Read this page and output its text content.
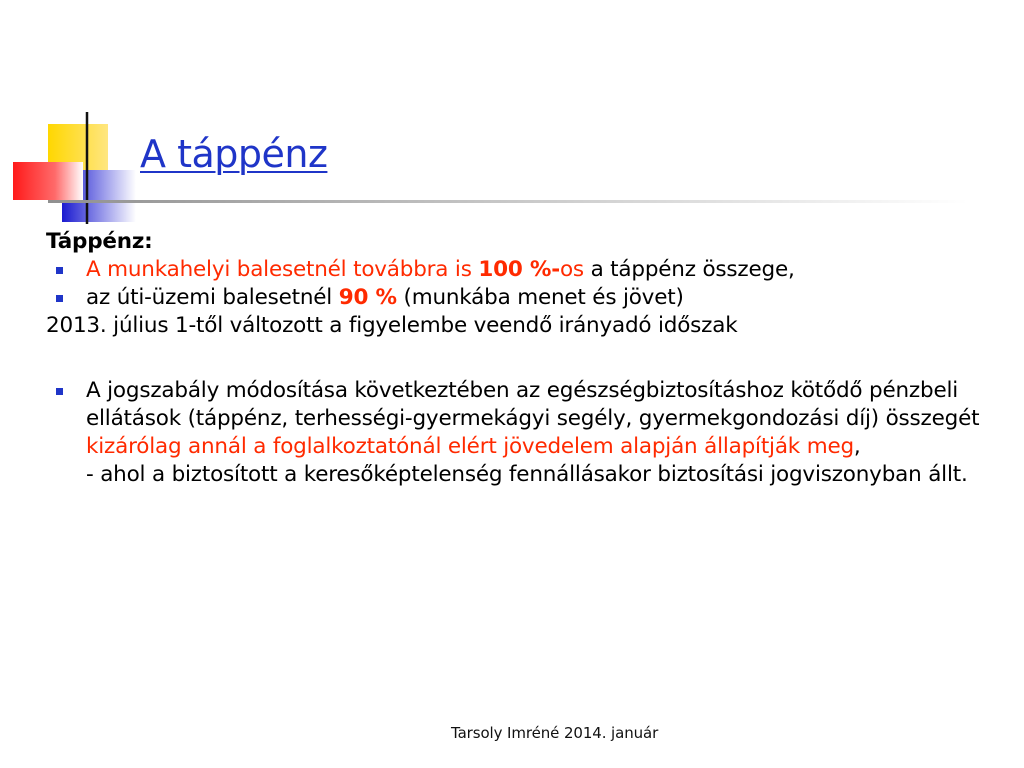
A táppénz

Táppénz:

A munkahelyi balesetnél továbbra is 100 %-os a táppénz összege,

az úti-üzemi balesetnél 90 % (munkába menet és jövet)

2013. július 1-től változott a figyelembe veendő irányadó időszak

A jogszabály módosítása következtében az egészségbiztosításhoz kötődő pénzbeli ellátások (táppénz, terhességi-gyermekágyi segély, gyermekgondozási díj) összegét kizárólag annál a foglalkoztatónál elért jövedelem alapján állapítják meg,

- ahol a biztosított a keresőképtelenség fennállásakor biztosítási jogviszonyban állt.

Tarsoly Imréné 2014. január
